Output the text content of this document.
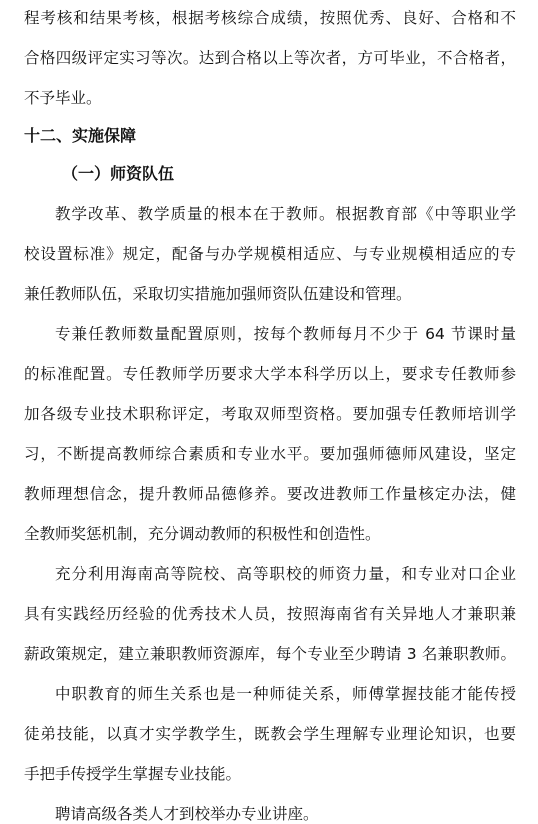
程考核和结果考核，根据考核综合成绩，按照优秀、良好、合格和不
合格四级评定实习等次。达到合格以上等次者，方可毕业，不合格者，
不予毕业。
十二、实施保障
（一）师资队伍
教学改革、教学质量的根本在于教师。根据教育部《中等职业学
校设置标准》规定，配备与办学规模相适应、与专业规模相适应的专
兼任教师队伍，采取切实措施加强师资队伍建设和管理。
专兼任教师数量配置原则，按每个教师每月不少于 64 节课时量
的标准配置。专任教师学历要求大学本科学历以上，要求专任教师参
加各级专业技术职称评定，考取双师型资格。要加强专任教师培训学
习，不断提高教师综合素质和专业水平。要加强师德师风建设，坚定
教师理想信念，提升教师品德修养。要改进教师工作量核定办法，健
全教师奖惩机制，充分调动教师的积极性和创造性。
充分利用海南高等院校、高等职校的师资力量，和专业对口企业
具有实践经历经验的优秀技术人员，按照海南省有关异地人才兼职兼
薪政策规定，建立兼职教师资源库，每个专业至少聘请 3 名兼职教师。
中职教育的师生关系也是一种师徒关系，师傅掌握技能才能传授
徒弟技能，以真才实学教学生，既教会学生理解专业理论知识，也要
手把手传授学生掌握专业技能。
聘请高级各类人才到校举办专业讲座。
